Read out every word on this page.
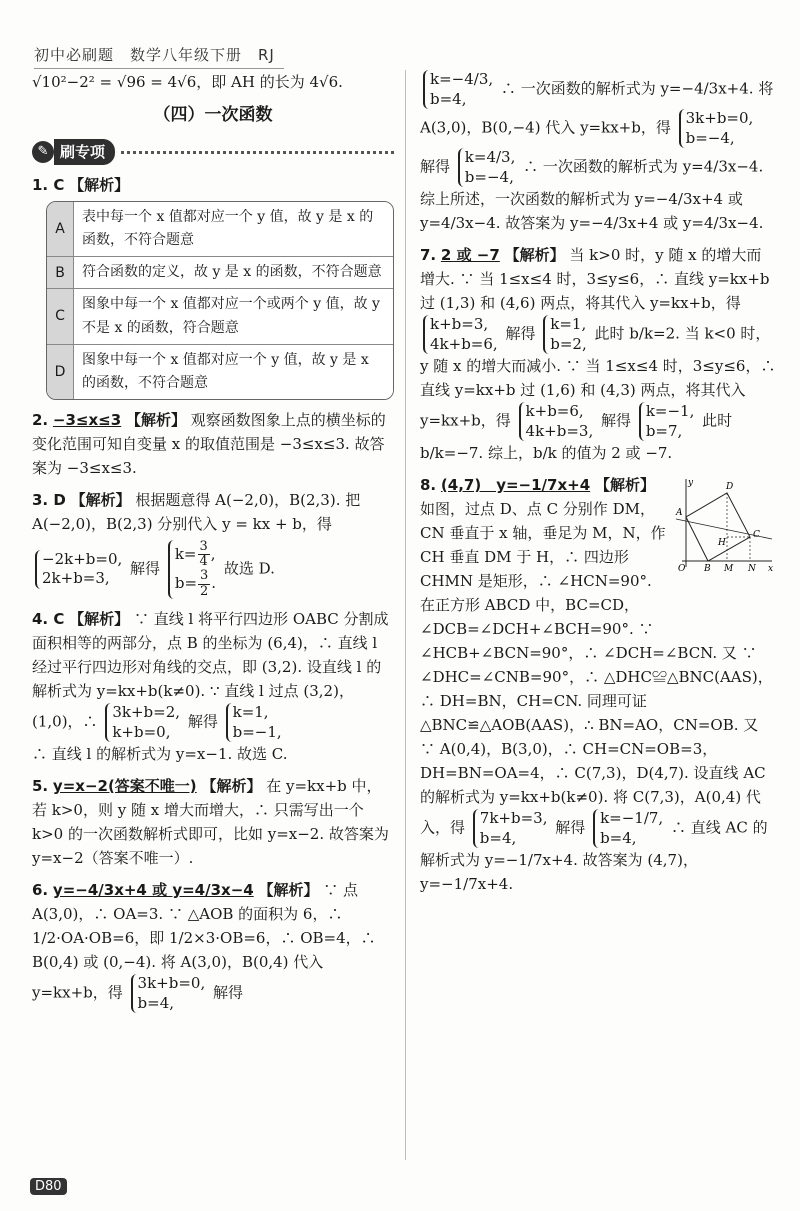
初中必刷题　数学八年级下册　RJ

√10²−2² = √96 = 4√6，即 AH 的长为 4√6.

（四）一次函数
✎ 刷专项
1. C 【解析】
A
表中每一个 x 值都对应一个 y 值，故 y 是 x 的函数，不符合题意
B	符合函数的定义，故 y 是 x 的函数，不符合题意
C
图象中每一个 x 值都对应一个或两个 y 值，故 y 不是 x 的函数，符合题意
D
图象中每一个 x 值都对应一个 y 值，故 y 是 x 的函数，不符合题意
2. −3≤x≤3 【解析】 观察函数图象上点的横坐标的变化范围可知自变量 x 的取值范围是 −3≤x≤3. 故答案为 −3≤x≤3.
3. D 【解析】 根据题意得 A(−2,0)，B(2,3). 把 A(−2,0)，B(2,3) 分别代入 y = kx + b，得
−2k+b=0,
2k+b=3, 解得 $k= \frac{3}{4}$ ,
$b= \frac{3}{2}$ . 故选 D.
4. C 【解析】 ∵ 直线 l 将平行四边形 OABC 分割成面积相等的两部分，点 B 的坐标为 (6,4)，∴ 直线 l 经过平行四边形对角线的交点，即 (3,2). 设直线 l 的解析式为 y=kx+b(k≠0). ∵ 直线 l 过点 (3,2)，(1,0)，∴ 3k+b=2,
k+b=0, 解得 k=1,
b=−1,

∴ 直线 l 的解析式为 y=x−1. 故选 C.

5. y=x−2(答案不唯一) 【解析】 在 y=kx+b 中，若 k>0，则 y 随 x 增大而增大，∴ 只需写出一个 k>0 的一次函数解析式即可，比如 y=x−2. 故答案为 y=x−2（答案不唯一）.
6. y=−4/3x+4 或 y=4/3x−4 【解析】 ∵ 点 A(3,0)，∴ OA=3. ∵ △AOB 的面积为 6，∴ 1/2·OA·OB=6，即 1/2×3·OB=6，∴ OB=4，∴ B(0,4) 或 (0,−4). 将 A(3,0)，B(0,4) 代入 y=kx+b，得 3k+b=0,
b=4, 解得
k=−4/3,
b=4, ∴ 一次函数的解析式为 y=−4/3x+4. 将 A(3,0)，B(0,−4) 代入 y=kx+b，得 3k+b=0,
b=−4, 解得 k=4/3,
b=−4, ∴ 一次函数的解析式为 y=4/3x−4. 综上所述，一次函数的解析式为 y=−4/3x+4 或 y=4/3x−4. 故答案为 y=−4/3x+4 或 y=4/3x−4.
7. 2 或 −7 【解析】 当 k>0 时，y 随 x 的增大而增大. ∵ 当 1≤x≤4 时，3≤y≤6，∴ 直线 y=kx+b 过 (1,3) 和 (4,6) 两点，将其代入 y=kx+b，得 k+b=3,
4k+b=6, 解得 k=1,
b=2, 此时 b/k=2. 当 k<0 时，y 随 x 的增大而减小. ∵ 当 1≤x≤4 时，3≤y≤6，∴ 直线 y=kx+b 过 (1,6) 和 (4,3) 两点，将其代入 y=kx+b，得 k+b=6,
4k+b=3, 解得 k=−1,
b=7, 此时 b/k=−7. 综上，b/k 的值为 2 或 −7.
8. (4,7)　y=−1/7x+4 【解析】	y
x
O
A
B M N
C
D
H
如图，过点 D、点 C 分别作 DM，CN 垂直于 x 轴，垂足为 M，N，作 CH 垂直 DM 于 H，∴ 四边形 CHMN 是矩形，∴ ∠HCN=90°. 在正方形 ABCD 中，BC=CD，∠DCB=∠DCH+∠BCH=90°. ∵ ∠HCB+∠BCN=90°，∴ ∠DCH=∠BCN. 又 ∵ ∠DHC=∠CNB=90°，∴ △DHC≌△BNC(AAS)，∴ DH=BN，CH=CN. 同理可证 △BNC≌△AOB(AAS)，∴ BN=AO，CN=OB. 又 ∵ A(0,4)，B(3,0)，∴ CH=CN=OB=3，DH=BN=OA=4，∴ C(7,3)，D(4,7). 设直线 AC 的解析式为 y=kx+b(k≠0). 将 C(7,3)，A(0,4) 代入，得 7k+b=3,
b=4, 解得 k=−1/7,
b=4, ∴ 直线 AC 的解析式为 y=−1/7x+4. 故答案为 (4,7)，y=−1/7x+4.
D80
